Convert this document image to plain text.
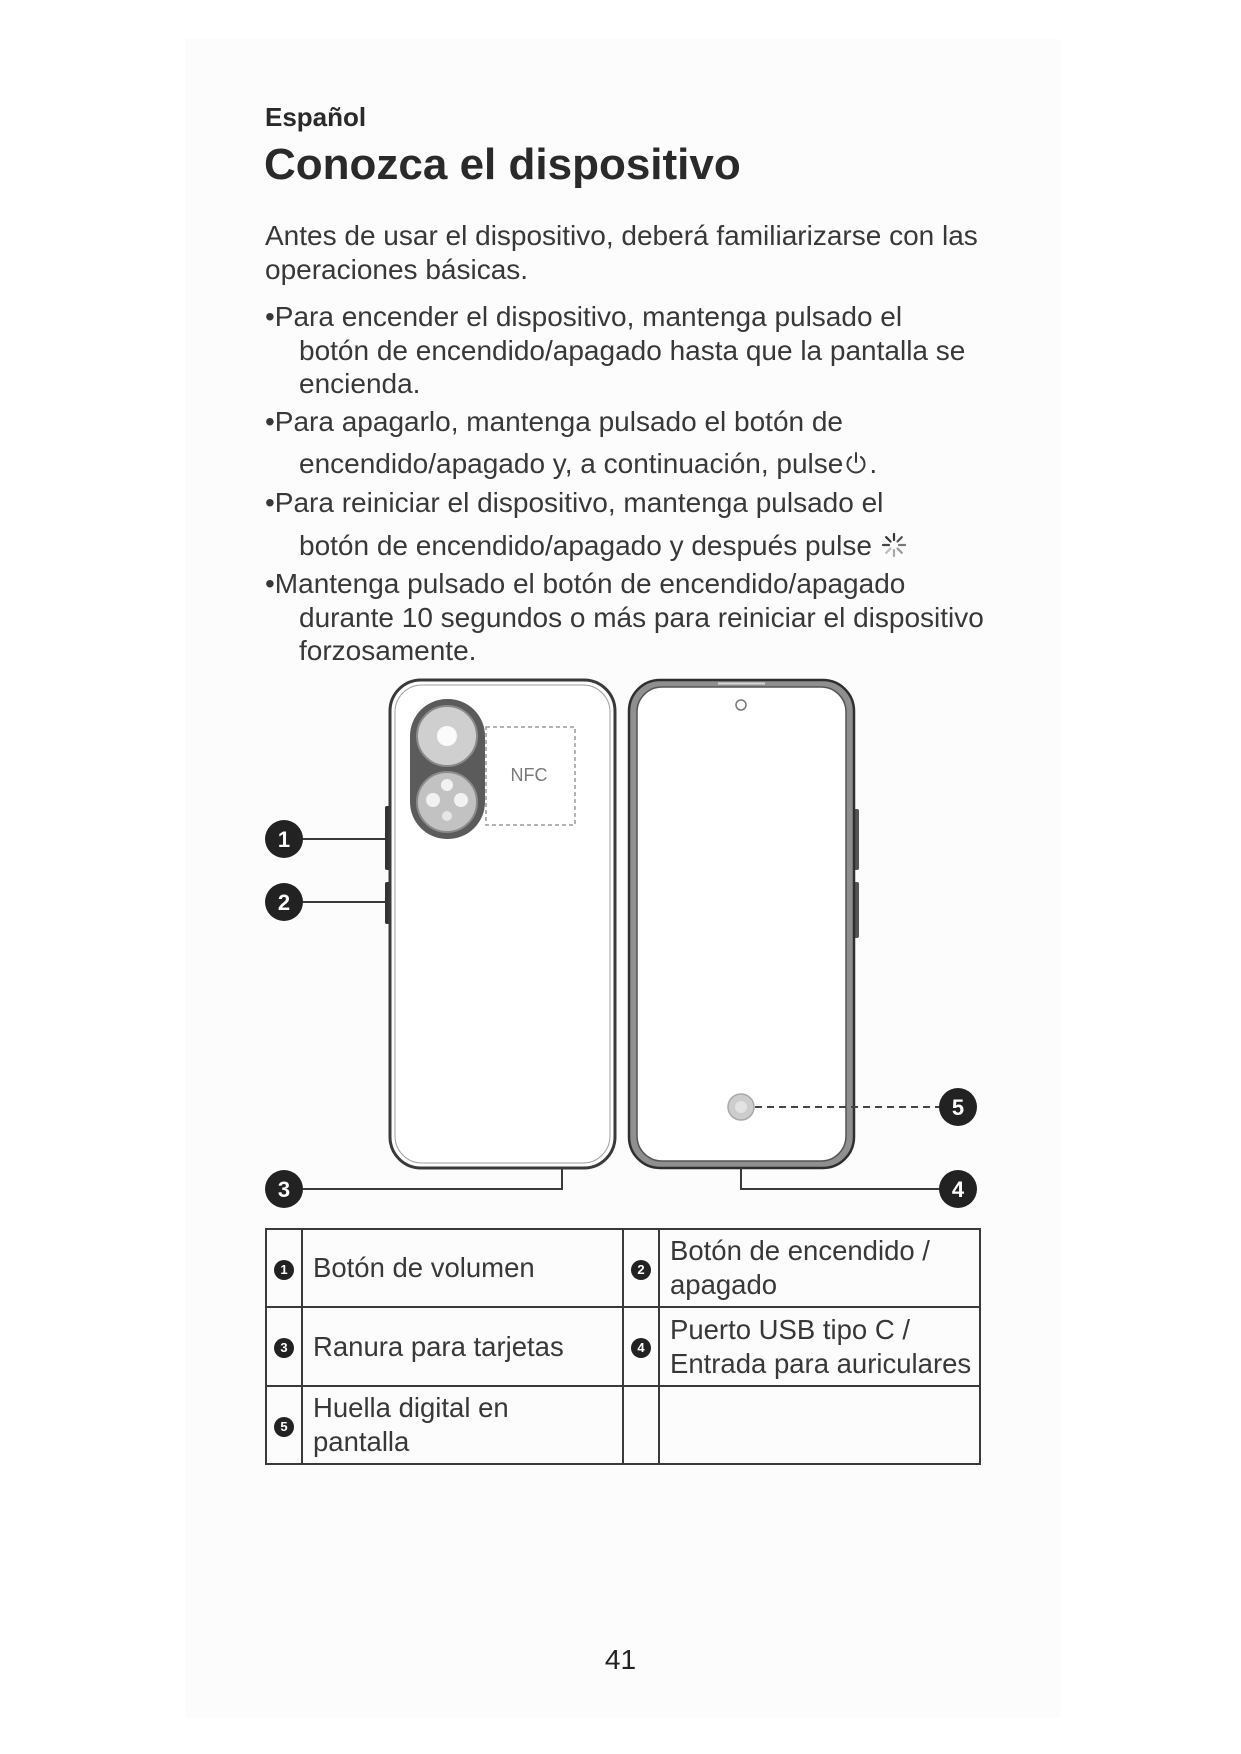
Español
Conozca el dispositivo
Antes de usar el dispositivo, deberá familiarizarse con las
operaciones básicas.
•Para encender el dispositivo, mantenga pulsado el
botón de encendido/apagado hasta que la pantalla se
encienda.
•Para apagarlo, mantenga pulsado el botón de
encendido/apagado y, a continuación, pulse .
•Para reiniciar el dispositivo, mantenga pulsado el
botón de encendido/apagado y después pulse
•Mantenga pulsado el botón de encendido/apagado
durante 10 segundos o más para reiniciar el dispositivo
forzosamente.
NFC
1
2
3	4
5
1	Botón de volumen	2	Botón de encendido /
apagado

3	Ranura para tarjetas	4	Puerto USB tipo C /
Entrada para auriculares

5	Huella digital en
pantalla		

41
